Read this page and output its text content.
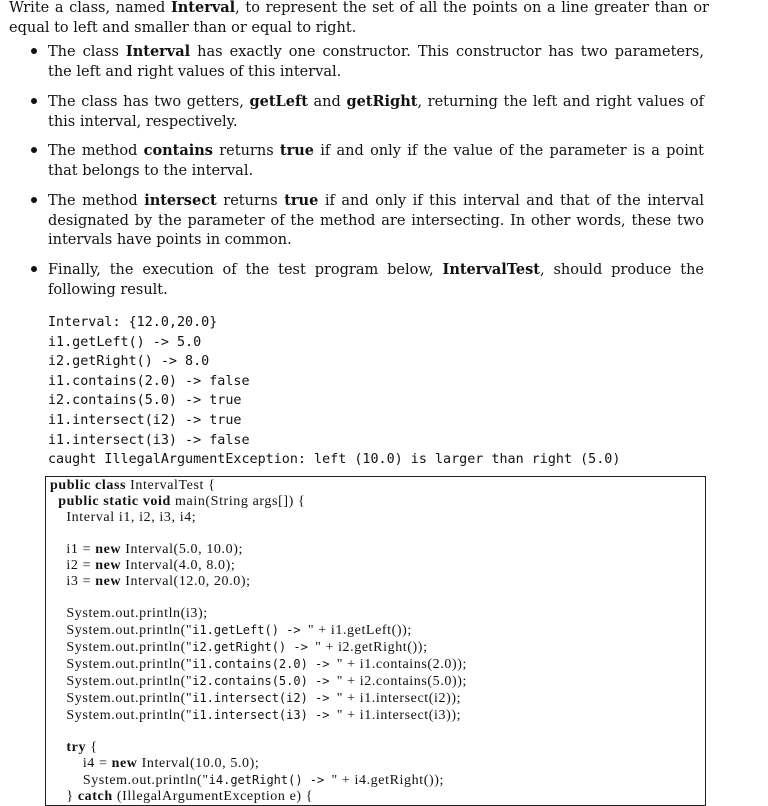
Write a class, named Interval, to represent the set of all the points on a line greater than or equal to left and smaller than or equal to right.
The class Interval has exactly one constructor. This constructor has two parameters, the left and right values of this interval.
The class has two getters, getLeft and getRight, returning the left and right values of this interval, respectively.
The method contains returns true if and only if the value of the parameter is a point that belongs to the interval.
The method intersect returns true if and only if this interval and that of the interval designated by the parameter of the method are intersecting. In other words, these two intervals have points in common.
Finally, the execution of the test program below, IntervalTest, should produce the following result.
Interval: {12.0,20.0}
i1.getLeft() -> 5.0
i2.getRight() -> 8.0
i1.contains(2.0) -> false
i2.contains(5.0) -> true
i1.intersect(i2) -> true
i1.intersect(i3) -> false
caught IllegalArgumentException: left (10.0) is larger than right (5.0)
public class IntervalTest {
public static void main(String args[]) {
Interval i1, i2, i3, i4;

i1 = new Interval(5.0, 10.0);
i2 = new Interval(4.0, 8.0);
i3 = new Interval(12.0, 20.0);

System.out.println(i3);
System.out.println("i1.getLeft() -> " + i1.getLeft());
System.out.println("i2.getRight() -> " + i2.getRight());
System.out.println("i1.contains(2.0) -> " + i1.contains(2.0));
System.out.println("i2.contains(5.0) -> " + i2.contains(5.0));
System.out.println("i1.intersect(i2) -> " + i1.intersect(i2));
System.out.println("i1.intersect(i3) -> " + i1.intersect(i3));

try {
i4 = new Interval(10.0, 5.0);
System.out.println("i4.getRight() -> " + i4.getRight());
} catch (IllegalArgumentException e) {
